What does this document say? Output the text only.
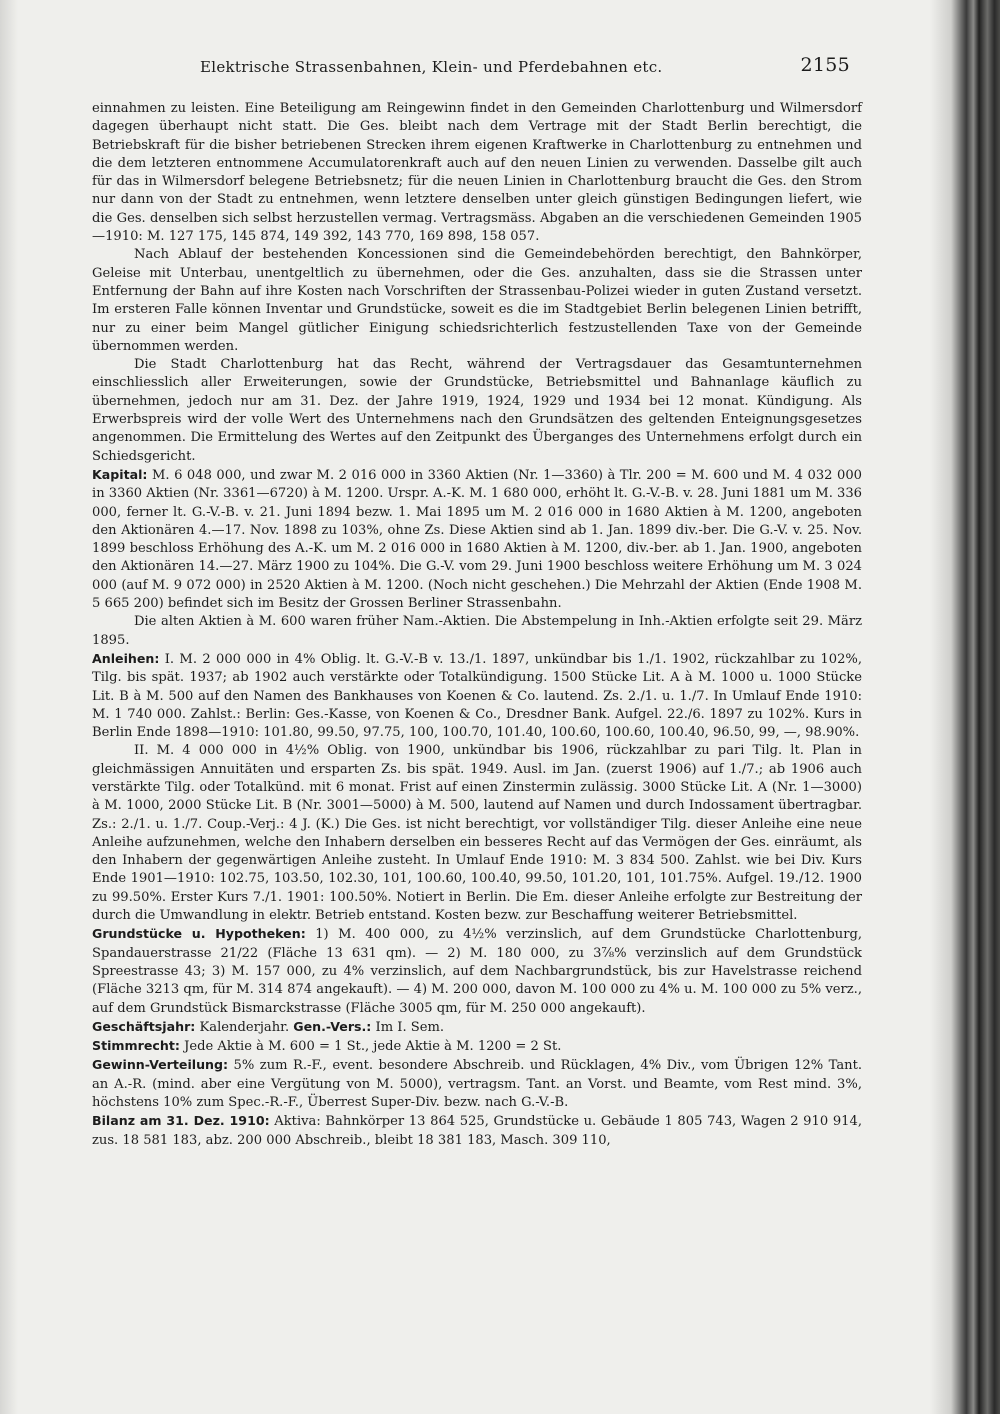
Elektrische Strassenbahnen, Klein- und Pferdebahnen etc.	2155

einnahmen zu leisten. Eine Beteiligung am Reingewinn findet in den Gemeinden Charlottenburg und Wilmersdorf dagegen überhaupt nicht statt. Die Ges. bleibt nach dem Vertrage mit der Stadt Berlin berechtigt, die Betriebskraft für die bisher betriebenen Strecken ihrem eigenen Kraftwerke in Charlottenburg zu entnehmen und die dem letzteren entnommene Accumulatorenkraft auch auf den neuen Linien zu verwenden. Dasselbe gilt auch für das in Wilmersdorf belegene Betriebsnetz; für die neuen Linien in Charlottenburg braucht die Ges. den Strom nur dann von der Stadt zu entnehmen, wenn letztere denselben unter gleich günstigen Bedingungen liefert, wie die Ges. denselben sich selbst herzustellen vermag. Vertragsmäss. Abgaben an die verschiedenen Gemeinden 1905—1910: M. 127 175, 145 874, 149 392, 143 770, 169 898, 158 057.

Nach Ablauf der bestehenden Koncessionen sind die Gemeindebehörden berechtigt, den Bahnkörper, Geleise mit Unterbau, unentgeltlich zu übernehmen, oder die Ges. anzuhalten, dass sie die Strassen unter Entfernung der Bahn auf ihre Kosten nach Vorschriften der Strassenbau-Polizei wieder in guten Zustand versetzt. Im ersteren Falle können Inventar und Grundstücke, soweit es die im Stadtgebiet Berlin belegenen Linien betrifft, nur zu einer beim Mangel gütlicher Einigung schiedsrichterlich festzustellenden Taxe von der Gemeinde übernommen werden.

Die Stadt Charlottenburg hat das Recht, während der Vertragsdauer das Gesamtunternehmen einschliesslich aller Erweiterungen, sowie der Grundstücke, Betriebsmittel und Bahnanlage käuflich zu übernehmen, jedoch nur am 31. Dez. der Jahre 1919, 1924, 1929 und 1934 bei 12 monat. Kündigung. Als Erwerbspreis wird der volle Wert des Unternehmens nach den Grundsätzen des geltenden Enteignungsgesetzes angenommen. Die Ermittelung des Wertes auf den Zeitpunkt des Überganges des Unternehmens erfolgt durch ein Schiedsgericht.

Kapital: M. 6 048 000, und zwar M. 2 016 000 in 3360 Aktien (Nr. 1—3360) à Tlr. 200 = M. 600 und M. 4 032 000 in 3360 Aktien (Nr. 3361—6720) à M. 1200. Urspr. A.-K. M. 1 680 000, erhöht lt. G.-V.-B. v. 28. Juni 1881 um M. 336 000, ferner lt. G.-V.-B. v. 21. Juni 1894 bezw. 1. Mai 1895 um M. 2 016 000 in 1680 Aktien à M. 1200, angeboten den Aktionären 4.—17. Nov. 1898 zu 103%, ohne Zs. Diese Aktien sind ab 1. Jan. 1899 div.-ber. Die G.-V. v. 25. Nov. 1899 beschloss Erhöhung des A.-K. um M. 2 016 000 in 1680 Aktien à M. 1200, div.-ber. ab 1. Jan. 1900, angeboten den Aktionären 14.—27. März 1900 zu 104%. Die G.-V. vom 29. Juni 1900 beschloss weitere Erhöhung um M. 3 024 000 (auf M. 9 072 000) in 2520 Aktien à M. 1200. (Noch nicht geschehen.) Die Mehrzahl der Aktien (Ende 1908 M. 5 665 200) befindet sich im Besitz der Grossen Berliner Strassenbahn.

Die alten Aktien à M. 600 waren früher Nam.-Aktien. Die Abstempelung in Inh.-Aktien erfolgte seit 29. März 1895.

Anleihen: I. M. 2 000 000 in 4% Oblig. lt. G.-V.-B v. 13./1. 1897, unkündbar bis 1./1. 1902, rückzahlbar zu 102%, Tilg. bis spät. 1937; ab 1902 auch verstärkte oder Totalkündigung. 1500 Stücke Lit. A à M. 1000 u. 1000 Stücke Lit. B à M. 500 auf den Namen des Bankhauses von Koenen & Co. lautend. Zs. 2./1. u. 1./7. In Umlauf Ende 1910: M. 1 740 000. Zahlst.: Berlin: Ges.-Kasse, von Koenen & Co., Dresdner Bank. Aufgel. 22./6. 1897 zu 102%. Kurs in Berlin Ende 1898—1910: 101.80, 99.50, 97.75, 100, 100.70, 101.40, 100.60, 100.60, 100.40, 96.50, 99, —, 98.90%.

II. M. 4 000 000 in 4½% Oblig. von 1900, unkündbar bis 1906, rückzahlbar zu pari Tilg. lt. Plan in gleichmässigen Annuitäten und ersparten Zs. bis spät. 1949. Ausl. im Jan. (zuerst 1906) auf 1./7.; ab 1906 auch verstärkte Tilg. oder Totalkünd. mit 6 monat. Frist auf einen Zinstermin zulässig. 3000 Stücke Lit. A (Nr. 1—3000) à M. 1000, 2000 Stücke Lit. B (Nr. 3001—5000) à M. 500, lautend auf Namen und durch Indossament übertragbar. Zs.: 2./1. u. 1./7. Coup.-Verj.: 4 J. (K.) Die Ges. ist nicht berechtigt, vor vollständiger Tilg. dieser Anleihe eine neue Anleihe aufzunehmen, welche den Inhabern derselben ein besseres Recht auf das Vermögen der Ges. einräumt, als den Inhabern der gegenwärtigen Anleihe zusteht. In Umlauf Ende 1910: M. 3 834 500. Zahlst. wie bei Div. Kurs Ende 1901—1910: 102.75, 103.50, 102.30, 101, 100.60, 100.40, 99.50, 101.20, 101, 101.75%. Aufgel. 19./12. 1900 zu 99.50%. Erster Kurs 7./1. 1901: 100.50%. Notiert in Berlin. Die Em. dieser Anleihe erfolgte zur Bestreitung der durch die Umwandlung in elektr. Betrieb entstand. Kosten bezw. zur Beschaffung weiterer Betriebsmittel.

Grundstücke u. Hypotheken: 1) M. 400 000, zu 4½% verzinslich, auf dem Grundstücke Charlottenburg, Spandauerstrasse 21/22 (Fläche 13 631 qm). — 2) M. 180 000, zu 3⅞% verzinslich auf dem Grundstück Spreestrasse 43; 3) M. 157 000, zu 4% verzinslich, auf dem Nachbargrundstück, bis zur Havelstrasse reichend (Fläche 3213 qm, für M. 314 874 angekauft). — 4) M. 200 000, davon M. 100 000 zu 4% u. M. 100 000 zu 5% verz., auf dem Grundstück Bismarckstrasse (Fläche 3005 qm, für M. 250 000 angekauft).

Geschäftsjahr: Kalenderjahr. Gen.-Vers.: Im I. Sem.

Stimmrecht: Jede Aktie à M. 600 = 1 St., jede Aktie à M. 1200 = 2 St.

Gewinn-Verteilung: 5% zum R.-F., event. besondere Abschreib. und Rücklagen, 4% Div., vom Übrigen 12% Tant. an A.-R. (mind. aber eine Vergütung von M. 5000), vertragsm. Tant. an Vorst. und Beamte, vom Rest mind. 3%, höchstens 10% zum Spec.-R.-F., Überrest Super-Div. bezw. nach G.-V.-B.

Bilanz am 31. Dez. 1910: Aktiva: Bahnkörper 13 864 525, Grundstücke u. Gebäude 1 805 743, Wagen 2 910 914, zus. 18 581 183, abz. 200 000 Abschreib., bleibt 18 381 183, Masch. 309 110,
